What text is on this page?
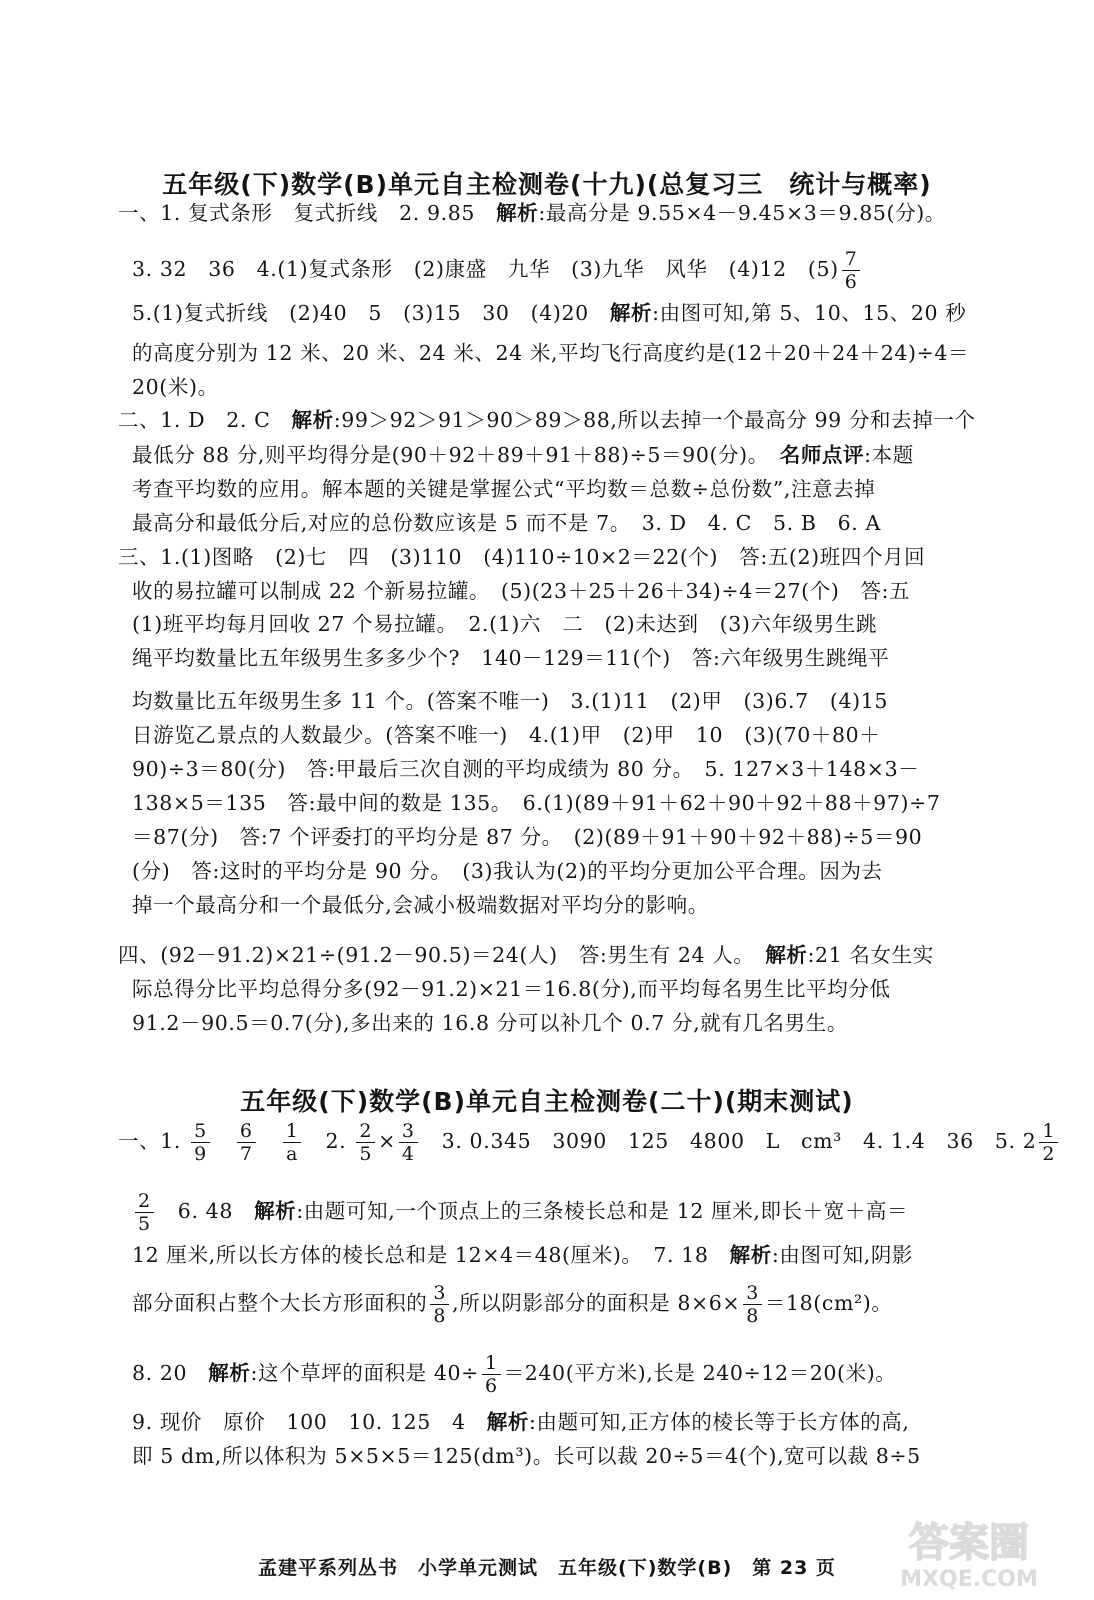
五年级(下)数学(B)单元自主检测卷(十九)(总复习三　统计与概率)
一、1. 复式条形　复式折线　2. 9.85　解析:最高分是 9.55×4－9.45×3＝9.85(分)。
3. 32　36　4.(1)复式条形　(2)康盛　九华　(3)九华　风华　(4)12　$(5) \frac{7}{6}$
5.(1)复式折线　(2)40　5　(3)15　30　(4)20　解析:由图可知,第 5、10、15、20 秒
的高度分别为 12 米、20 米、24 米、24 米,平均飞行高度约是(12＋20＋24＋24)÷4＝
20(米)。
二、1. D　2. C　解析:99＞92＞91＞90＞89＞88,所以去掉一个最高分 99 分和去掉一个
最低分 88 分,则平均得分是(90＋92＋89＋91＋88)÷5＝90(分)。　名师点评:本题
考查平均数的应用。解本题的关键是掌握公式“平均数＝总数÷总份数”,注意去掉
最高分和最低分后,对应的总份数应该是 5 而不是 7。　3. D　4. C　5. B　6. A
三、1.(1)图略　(2)七　四　(3)110　(4)110÷10×2＝22(个)　答:五(2)班四个月回
收的易拉罐可以制成 22 个新易拉罐。　(5)(23＋25＋26＋34)÷4＝27(个)　答:五
(1)班平均每月回收 27 个易拉罐。　2.(1)六　二　(2)未达到　(3)六年级男生跳
绳平均数量比五年级男生多多少个?　140－129＝11(个)　答:六年级男生跳绳平
均数量比五年级男生多 11 个。(答案不唯一)　3.(1)11　(2)甲　(3)6.7　(4)15
日游览乙景点的人数最少。(答案不唯一)　4.(1)甲　(2)甲　10　(3)(70＋80＋
90)÷3＝80(分)　答:甲最后三次自测的平均成绩为 80 分。　5. 127×3＋148×3－
138×5＝135　答:最中间的数是 135。　6.(1)(89＋91＋62＋90＋92＋88＋97)÷7
＝87(分)　答:7 个评委打的平均分是 87 分。　(2)(89＋91＋90＋92＋88)÷5＝90
(分)　答:这时的平均分是 90 分。　(3)我认为(2)的平均分更加公平合理。因为去
掉一个最高分和一个最低分,会减小极端数据对平均分的影响。
四、(92－91.2)×21÷(91.2－90.5)＝24(人)　答:男生有 24 人。　解析:21 名女生实
际总得分比平均总得分多(92－91.2)×21＝16.8(分),而平均每名男生比平均分低
91.2－90.5＝0.7(分),多出来的 16.8 分可以补几个 0.7 分,就有几名男生。
五年级(下)数学(B)单元自主检测卷(二十)(期末测试)
一、1. $\frac{5}{9}$
　 $\frac{6}{7}$
　 $\frac{1}{a}$ 　2. $\frac{2}{5} \times \frac{3}{4}$ 　3. 0.345　3090　125　4800　L　cm³　4. 1.4　36　5. $2 \frac{1}{2}$
$\frac{2}{5}$ 　6. 48　解析:由题可知,一个顶点上的三条棱长总和是 12 厘米,即长＋宽＋高＝
12 厘米,所以长方体的棱长总和是 12×4＝48(厘米)。　7. 18　解析:由图可知,阴影
部分面积占整个大长方形面积的 $\frac{3}{8}$ ,所以阴影部分的面积是 $8\times 6\times \frac{3}{8} =18(cm^2)$。
8. 20　解析:这个草坪的面积是 $40\div \frac{1}{6} =240$(平方米),长是 240÷12＝20(米)。
9. 现价　原价　100　10. 125　4　解析:由题可知,正方体的棱长等于长方体的高,
即 5 dm,所以体积为 5×5×5＝125(dm³)。长可以裁 20÷5＝4(个),宽可以裁 8÷5
孟建平系列丛书　小学单元测试　五年级(下)数学(B)　第 23 页
答案圈
MXQE.COM
